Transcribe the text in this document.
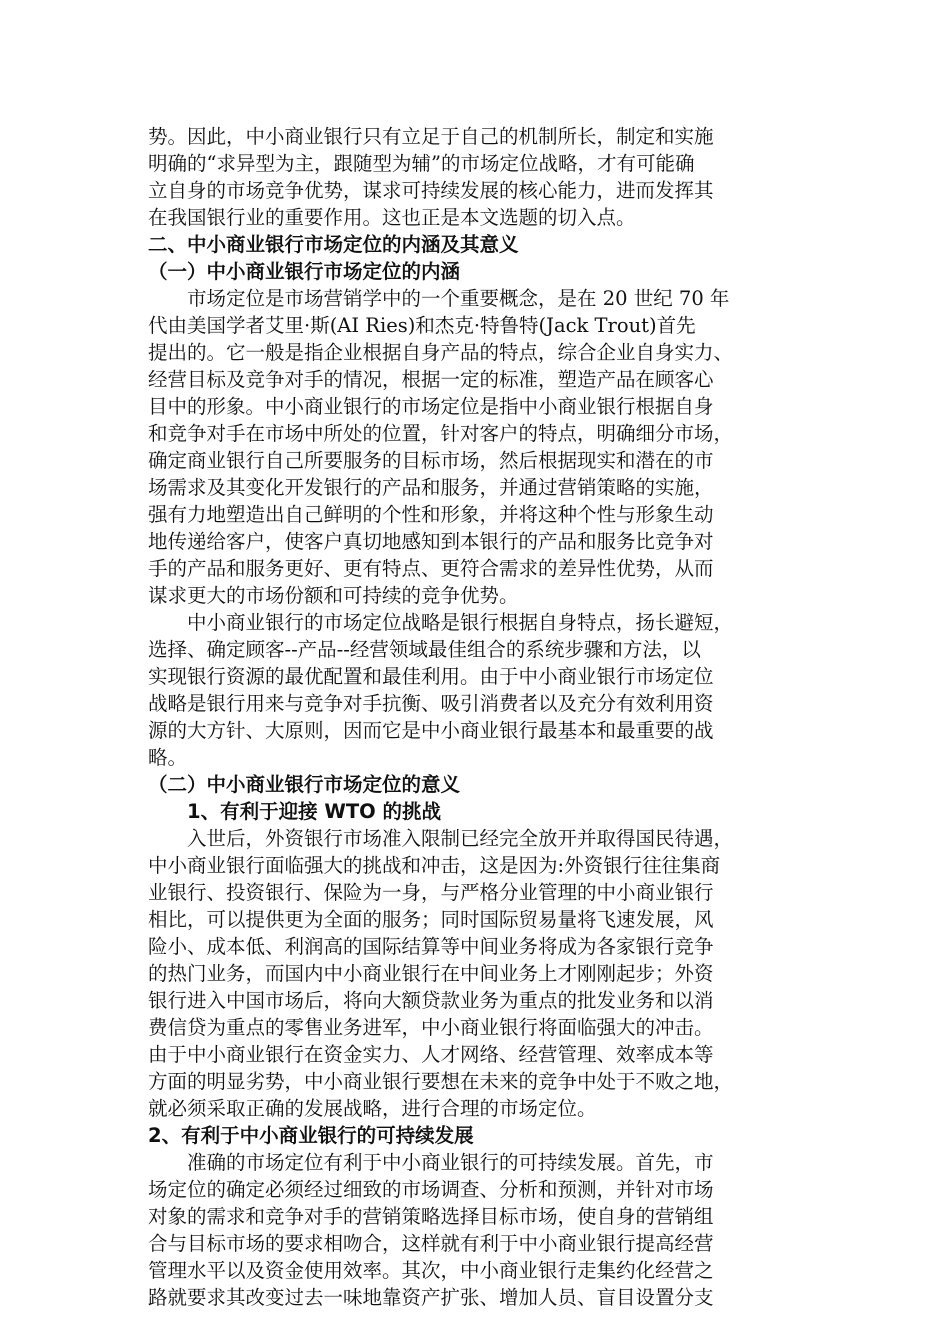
势。因此，中小商业银行只有立足于自己的机制所长，制定和实施
明确的“求异型为主，跟随型为辅”的市场定位战略，才有可能确
立自身的市场竞争优势，谋求可持续发展的核心能力，进而发挥其
在我国银行业的重要作用。这也正是本文选题的切入点。
二、中小商业银行市场定位的内涵及其意义
（一）中小商业银行市场定位的内涵
市场定位是市场营销学中的一个重要概念，是在 20 世纪 70 年
代由美国学者艾里·斯(AI Ries)和杰克·特鲁特(Jack Trout)首先
提出的。它一般是指企业根据自身产品的特点，综合企业自身实力、
经营目标及竞争对手的情况，根据一定的标准，塑造产品在顾客心
目中的形象。中小商业银行的市场定位是指中小商业银行根据自身
和竞争对手在市场中所处的位置，针对客户的特点，明确细分市场，
确定商业银行自己所要服务的目标市场，然后根据现实和潜在的市
场需求及其变化开发银行的产品和服务，并通过营销策略的实施，
强有力地塑造出自己鲜明的个性和形象，并将这种个性与形象生动
地传递给客户，使客户真切地感知到本银行的产品和服务比竞争对
手的产品和服务更好、更有特点、更符合需求的差异性优势，从而
谋求更大的市场份额和可持续的竞争优势。
中小商业银行的市场定位战略是银行根据自身特点，扬长避短，
选择、确定顾客--产品--经营领域最佳组合的系统步骤和方法，以
实现银行资源的最优配置和最佳利用。由于中小商业银行市场定位
战略是银行用来与竞争对手抗衡、吸引消费者以及充分有效利用资
源的大方针、大原则，因而它是中小商业银行最基本和最重要的战
略。
（二）中小商业银行市场定位的意义
1、有利于迎接 WTO 的挑战
入世后，外资银行市场准入限制已经完全放开并取得国民待遇，
中小商业银行面临强大的挑战和冲击，这是因为:外资银行往往集商
业银行、投资银行、保险为一身，与严格分业管理的中小商业银行
相比，可以提供更为全面的服务；同时国际贸易量将飞速发展，风
险小、成本低、利润高的国际结算等中间业务将成为各家银行竞争
的热门业务，而国内中小商业银行在中间业务上才刚刚起步；外资
银行进入中国市场后，将向大额贷款业务为重点的批发业务和以消
费信贷为重点的零售业务进军，中小商业银行将面临强大的冲击。
由于中小商业银行在资金实力、人才网络、经营管理、效率成本等
方面的明显劣势，中小商业银行要想在未来的竞争中处于不败之地，
就必须采取正确的发展战略，进行合理的市场定位。
2、有利于中小商业银行的可持续发展
准确的市场定位有利于中小商业银行的可持续发展。首先，市
场定位的确定必须经过细致的市场调查、分析和预测，并针对市场
对象的需求和竞争对手的营销策略选择目标市场，使自身的营销组
合与目标市场的要求相吻合，这样就有利于中小商业银行提高经营
管理水平以及资金使用效率。其次，中小商业银行走集约化经营之
路就要求其改变过去一味地靠资产扩张、增加人员、盲目设置分支
